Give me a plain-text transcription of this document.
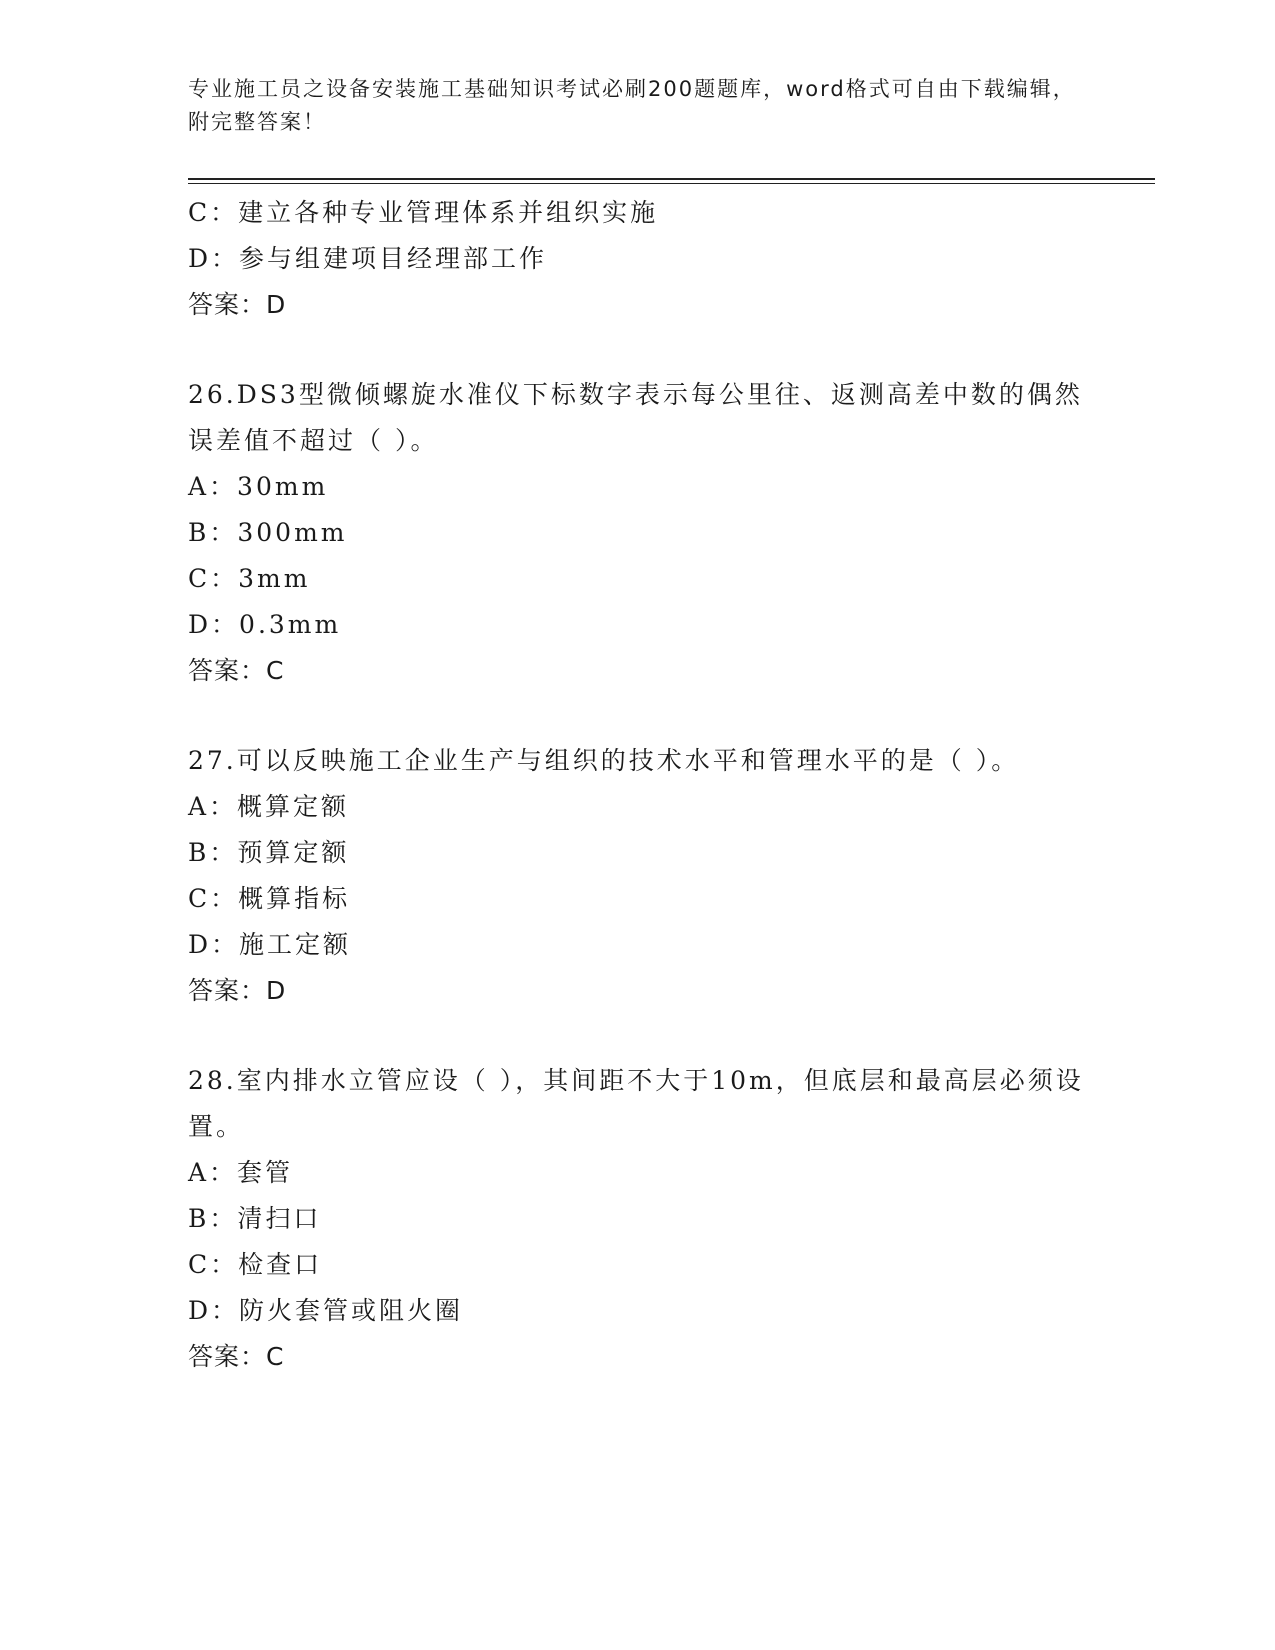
专业施工员之设备安装施工基础知识考试必刷200题题库，word格式可自由下载编辑，附完整答案！
C：建立各种专业管理体系并组织实施
D：参与组建项目经理部工作
答案：D
26.DS3型微倾螺旋水准仪下标数字表示每公里往、返测高差中数的偶然误差值不超过（ ）。
A：30mm
B：300mm
C：3mm
D：0.3mm
答案：C
27.可以反映施工企业生产与组织的技术水平和管理水平的是（ ）。
A：概算定额
B：预算定额
C：概算指标
D：施工定额
答案：D
28.室内排水立管应设（ ），其间距不大于10m，但底层和最高层必须设置。
A：套管
B：清扫口
C：检查口
D：防火套管或阻火圈
答案：C
